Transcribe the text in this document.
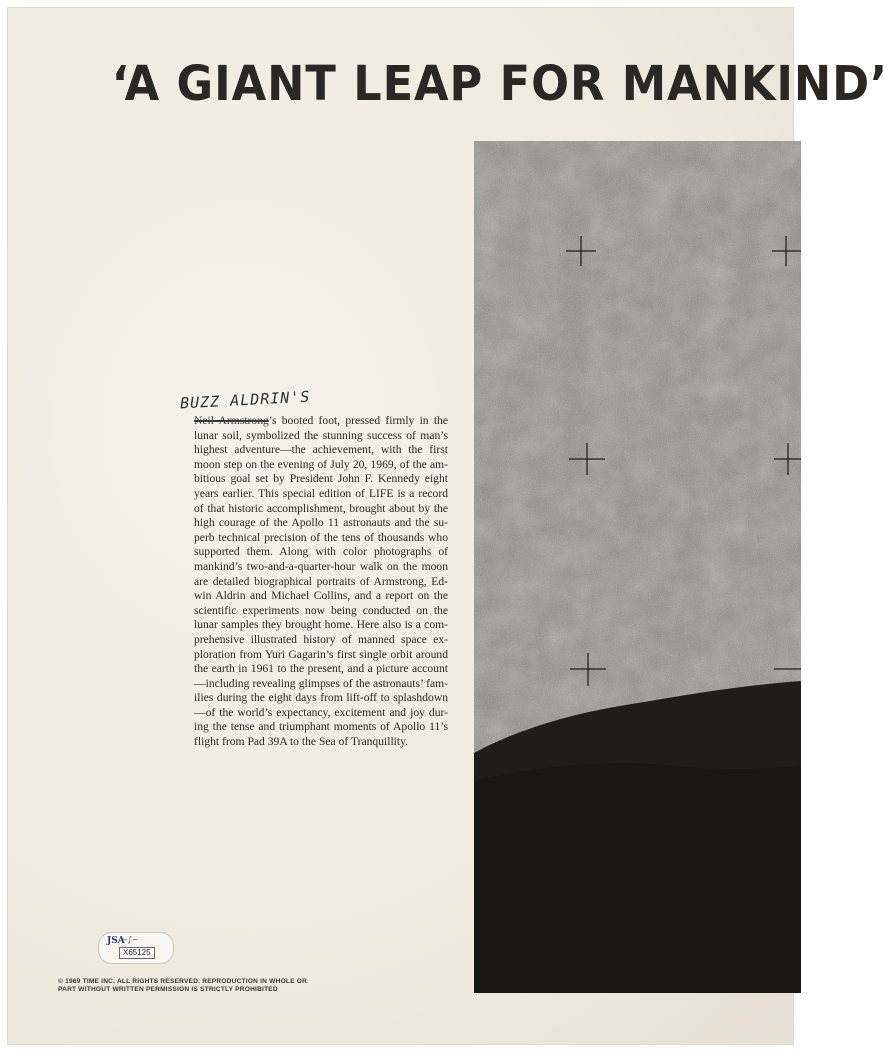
‘A GIANT LEAP FOR MANKIND’
BUZZ ALDRIN'S
Neil Armstrong’s booted foot, pressed firmly in the
lunar soil, symbolized the stunning success of man’s
highest adventure—the achievement, with the first
moon step on the evening of July 20, 1969, of the am-
bitious goal set by President John F. Kennedy eight
years earlier. This special edition of LIFE is a record
of that historic accomplishment, brought about by the
high courage of the Apollo 11 astronauts and the su-
perb technical precision of the tens of thousands who
supported them. Along with color photographs of
mankind’s two-and-a-quarter-hour walk on the moon
are detailed biographical portraits of Armstrong, Ed-
win Aldrin and Michael Collins, and a report on the
scientific experiments now being conducted on the
lunar samples they brought home. Here also is a com-
prehensive illustrated history of manned space ex-
ploration from Yuri Gagarin’s first single orbit around
the earth in 1961 to the present, and a picture account
—including revealing glimpses of the astronauts’ fam-
ilies during the eight days from lift-off to splashdown
—of the world’s expectancy, excitement and joy dur-
ing the tense and triumphant moments of Apollo 11’s
flight from Pad 39A to the Sea of Tranquillity.
JSA
~∫~
X65125
© 1969 TIME INC. ALL RIGHTS RESERVED. REPRODUCTION IN WHOLE OR PART WITHOUT WRITTEN PERMISSION IS STRICTLY PROHIBITED
